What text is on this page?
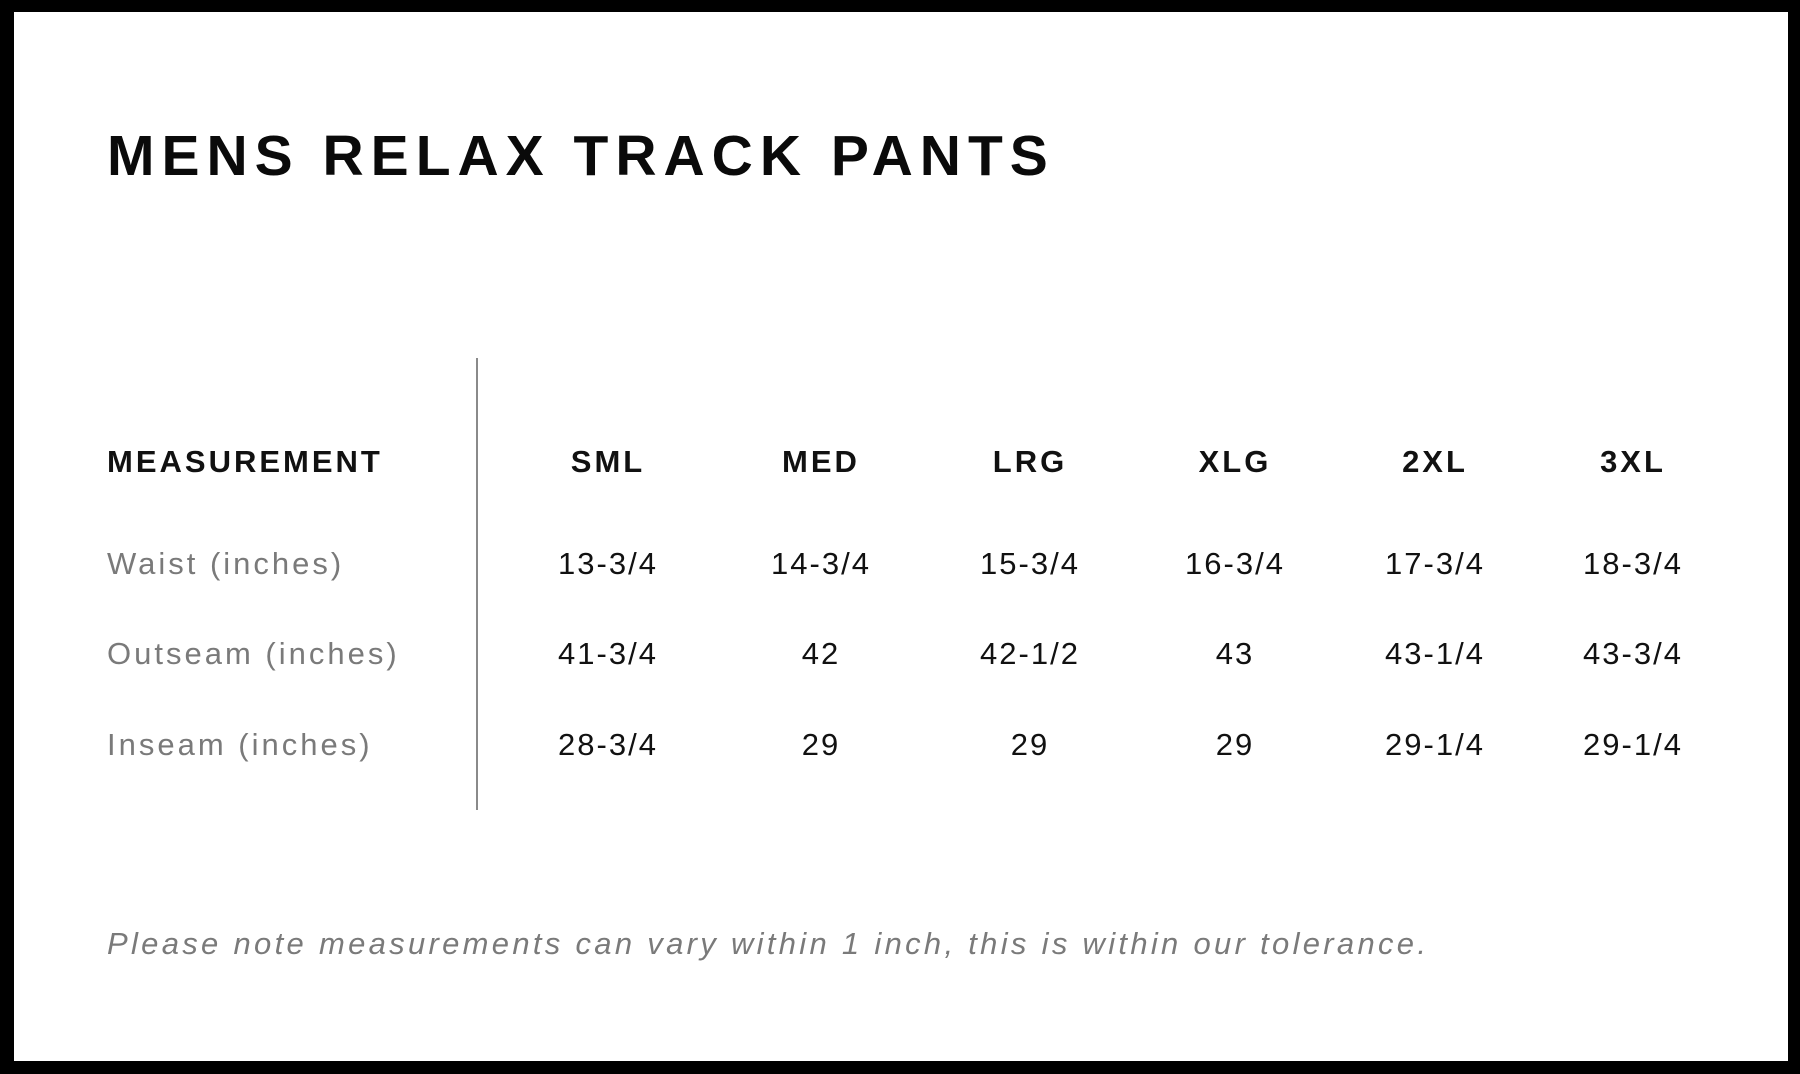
MENS RELAX TRACK PANTS
MEASUREMENT	SML	MED	LRG	XLG	2XL	3XL
Waist (inches)	13-3/4	14-3/4	15-3/4	16-3/4	17-3/4	18-3/4
Outseam (inches)	41-3/4	42	42-1/2	43	43-1/4	43-3/4
Inseam (inches)	28-3/4	29	29	29	29-1/4	29-1/4
Please note measurements can vary within 1 inch, this is within our tolerance.
